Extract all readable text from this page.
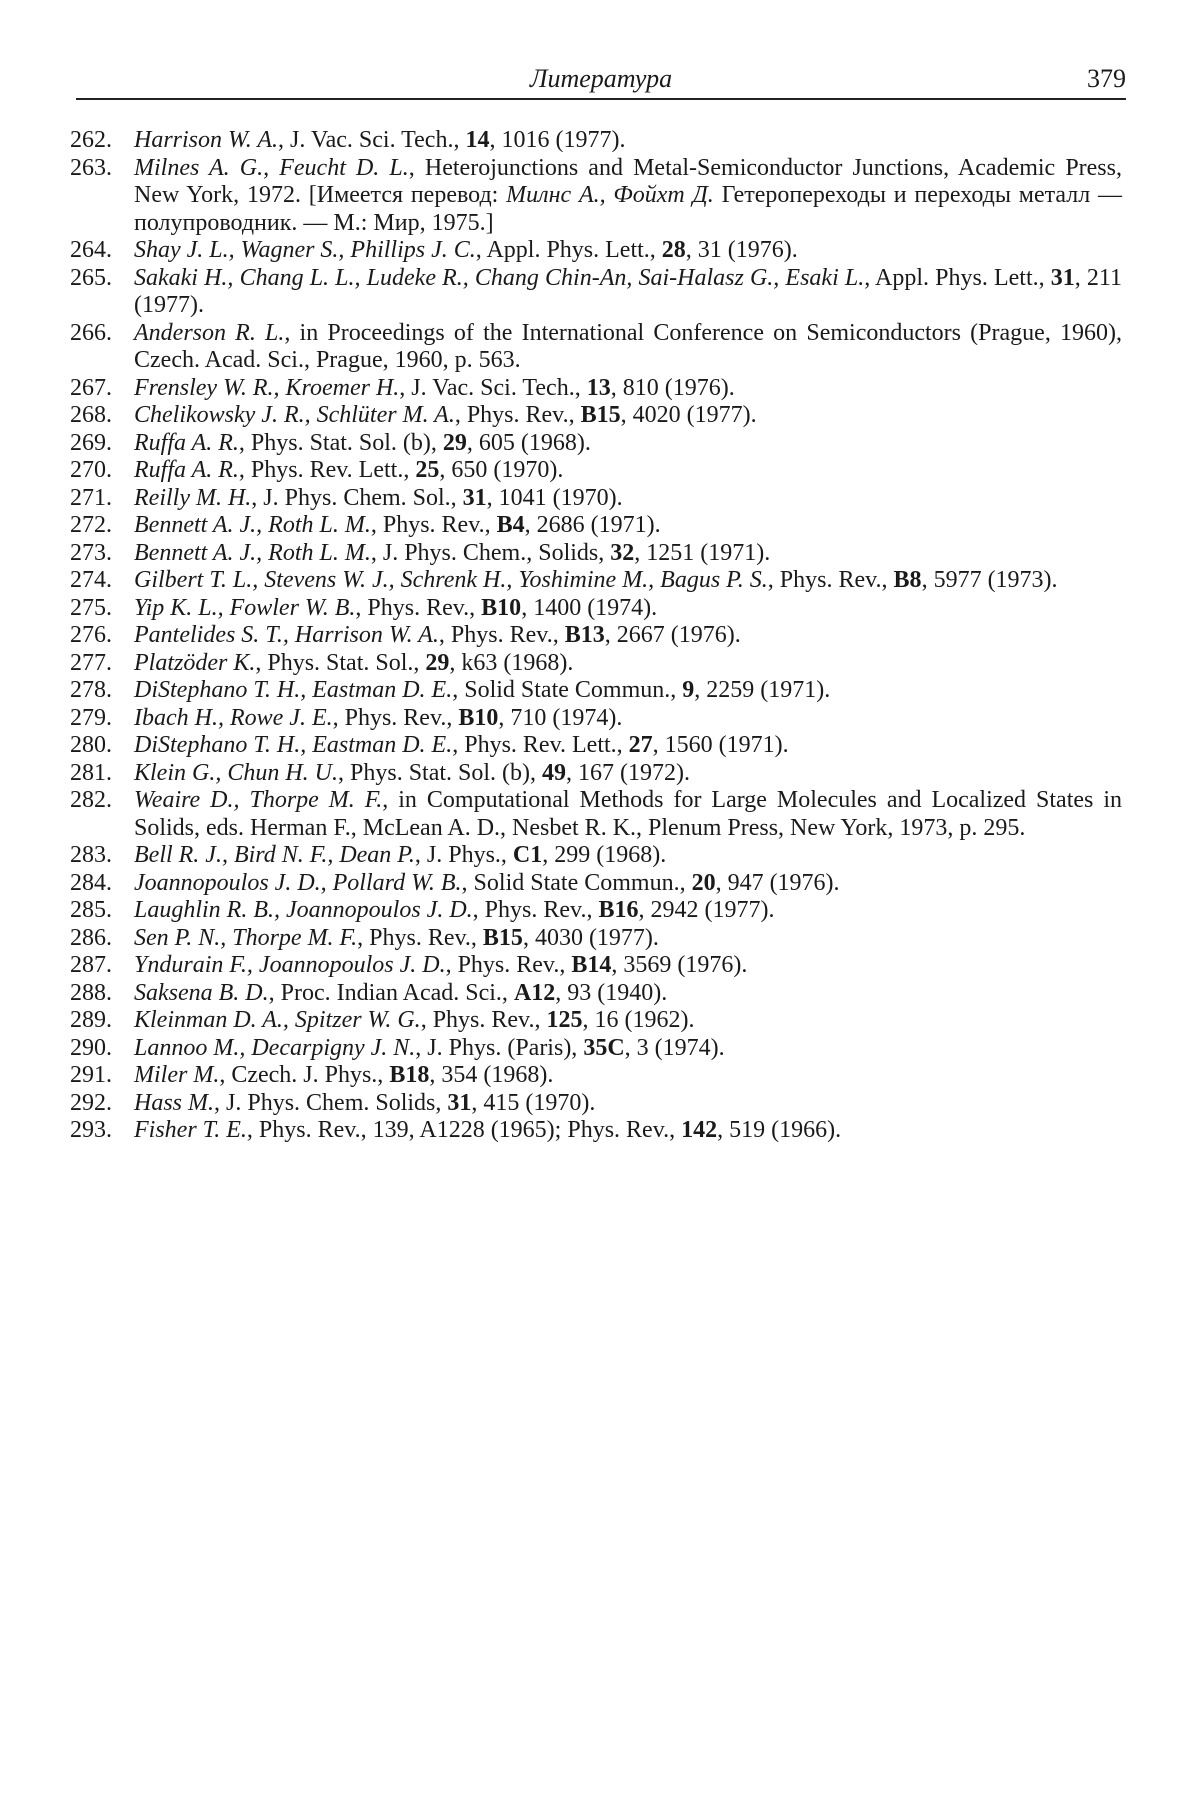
Литература	379
262. Harrison W. A., J. Vac. Sci. Tech., 14, 1016 (1977).
263. Milnes A. G., Feucht D. L., Heterojunctions and Metal-Semiconductor Junctions, Academic Press, New York, 1972. [Имеется перевод: Милнс А., Фойхт Д. Гетеропереходы и переходы металл — полупроводник. — М.: Мир, 1975.]
264. Shay J. L., Wagner S., Phillips J. C., Appl. Phys. Lett., 28, 31 (1976).
265. Sakaki H., Chang L. L., Ludeke R., Chang Chin-An, Sai-Halasz G., Esaki L., Appl. Phys. Lett., 31, 211 (1977).
266. Anderson R. L., in Proceedings of the International Conference on Semiconductors (Prague, 1960), Czech. Acad. Sci., Prague, 1960, p. 563.
267. Frensley W. R., Kroemer H., J. Vac. Sci. Tech., 13, 810 (1976).
268. Chelikowsky J. R., Schlüter M. A., Phys. Rev., B15, 4020 (1977).
269. Ruffa A. R., Phys. Stat. Sol. (b), 29, 605 (1968).
270. Ruffa A. R., Phys. Rev. Lett., 25, 650 (1970).
271. Reilly M. H., J. Phys. Chem. Sol., 31, 1041 (1970).
272. Bennett A. J., Roth L. M., Phys. Rev., B4, 2686 (1971).
273. Bennett A. J., Roth L. M., J. Phys. Chem., Solids, 32, 1251 (1971).
274. Gilbert T. L., Stevens W. J., Schrenk H., Yoshimine M., Bagus P. S., Phys. Rev., B8, 5977 (1973).
275. Yip K. L., Fowler W. B., Phys. Rev., B10, 1400 (1974).
276. Pantelides S. T., Harrison W. A., Phys. Rev., B13, 2667 (1976).
277. Platzöder K., Phys. Stat. Sol., 29, k63 (1968).
278. DiStephano T. H., Eastman D. E., Solid State Commun., 9, 2259 (1971).
279. Ibach H., Rowe J. E., Phys. Rev., B10, 710 (1974).
280. DiStephano T. H., Eastman D. E., Phys. Rev. Lett., 27, 1560 (1971).
281. Klein G., Chun H. U., Phys. Stat. Sol. (b), 49, 167 (1972).
282. Weaire D., Thorpe M. F., in Computational Methods for Large Molecules and Localized States in Solids, eds. Herman F., McLean A. D., Nesbet R. K., Plenum Press, New York, 1973, p. 295.
283. Bell R. J., Bird N. F., Dean P., J. Phys., C1, 299 (1968).
284. Joannopoulos J. D., Pollard W. B., Solid State Commun., 20, 947 (1976).
285. Laughlin R. B., Joannopoulos J. D., Phys. Rev., B16, 2942 (1977).
286. Sen P. N., Thorpe M. F., Phys. Rev., B15, 4030 (1977).
287. Yndurain F., Joannopoulos J. D., Phys. Rev., B14, 3569 (1976).
288. Saksena B. D., Proc. Indian Acad. Sci., A12, 93 (1940).
289. Kleinman D. A., Spitzer W. G., Phys. Rev., 125, 16 (1962).
290. Lannoo M., Decarpigny J. N., J. Phys. (Paris), 35C, 3 (1974).
291. Miler M., Czech. J. Phys., B18, 354 (1968).
292. Hass M., J. Phys. Chem. Solids, 31, 415 (1970).
293. Fisher T. E., Phys. Rev., 139, A1228 (1965); Phys. Rev., 142, 519 (1966).
